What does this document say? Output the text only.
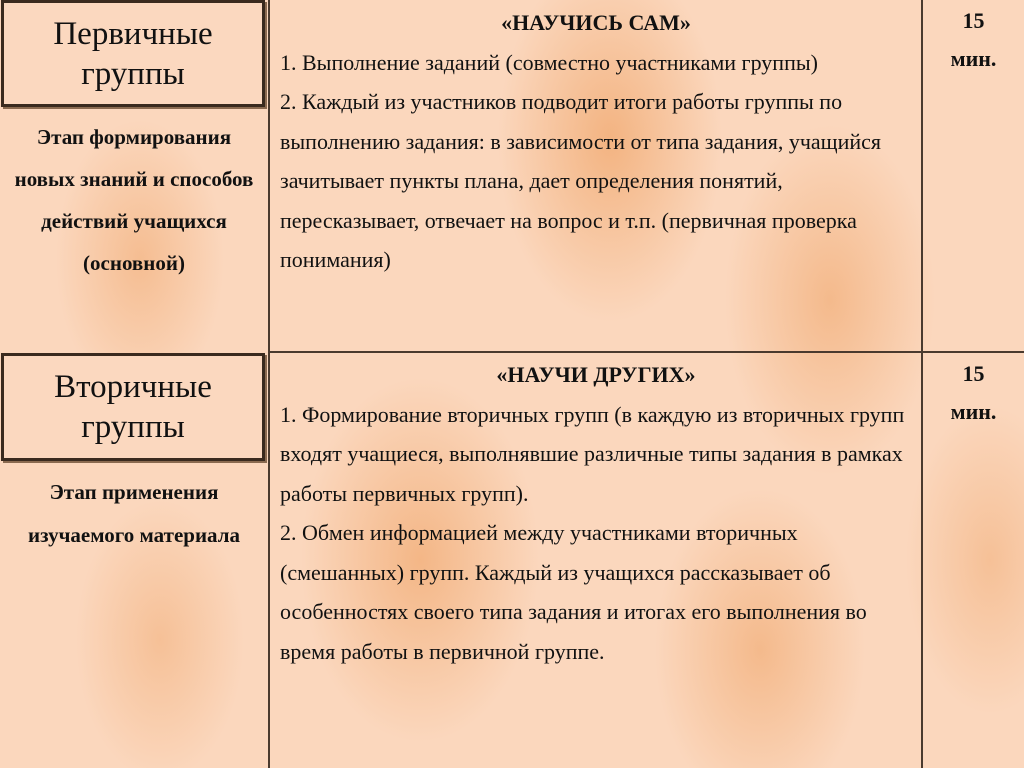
Первичные группы
Этап формирования новых знаний и способов действий учащихся (основной)
«НАУЧИСЬ САМ»
1. Выполнение заданий (совместно участниками группы)
2. Каждый из участников подводит итоги работы группы по выполнению задания: в зависимости от типа задания, учащийся зачитывает пункты плана, дает определения понятий, пересказывает, отвечает на вопрос и т.п. (первичная проверка понимания)
15
мин.
Вторичные группы
Этап применения изучаемого материала
«НАУЧИ ДРУГИХ»
1. Формирование вторичных групп (в каждую из вторичных групп входят учащиеся, выполнявшие различные типы задания в рамках работы первичных групп).
2. Обмен информацией между участниками вторичных (смешанных) групп. Каждый из учащихся рассказывает об особенностях своего типа задания и итогах его выполнения во время работы в первичной группе.
15
мин.
